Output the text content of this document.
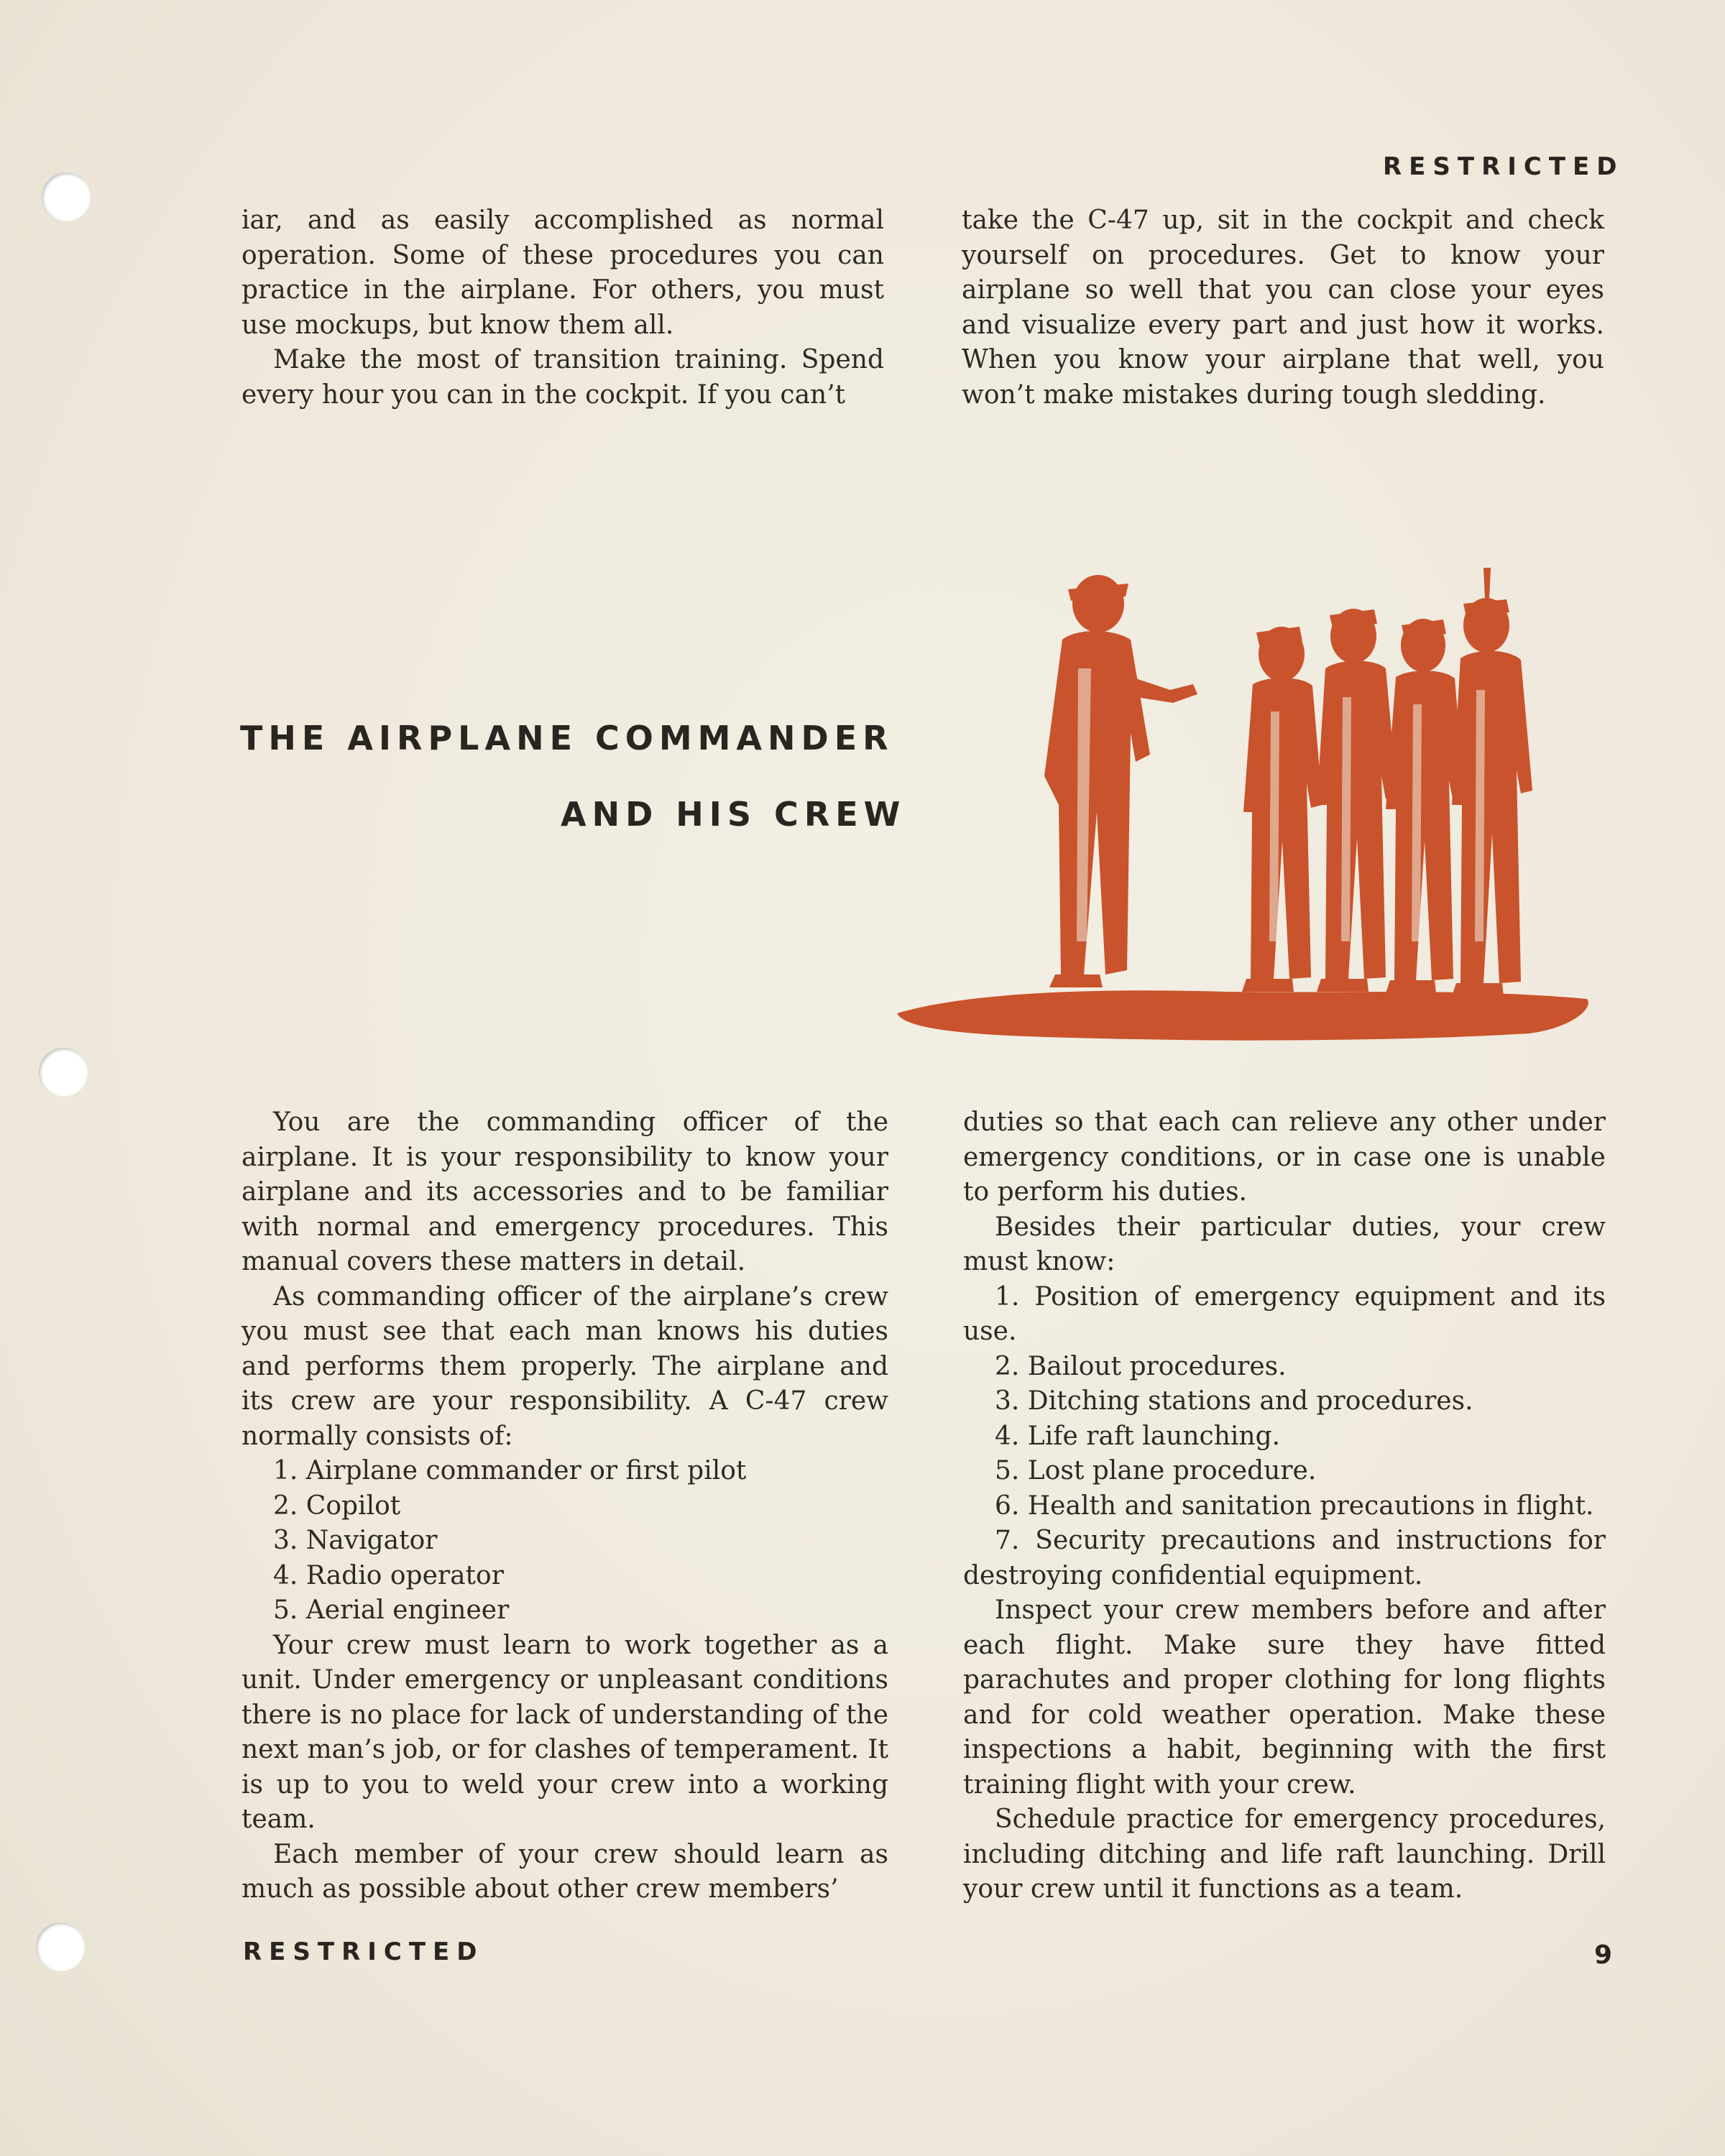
RESTRICTED

iar, and as easily accomplished as normal operation. Some of these procedures you can practice in the airplane. For others, you must use mockups, but know them all.

Make the most of transition training. Spend every hour you can in the cockpit. If you can’t

take the C-47 up, sit in the cockpit and check yourself on procedures. Get to know your airplane so well that you can close your eyes and visualize every part and just how it works. When you know your airplane that well, you won’t make mistakes during tough sledding.

THE AIRPLANE COMMANDER
AND HIS CREW

You are the commanding officer of the airplane. It is your responsibility to know your airplane and its accessories and to be familiar with normal and emergency procedures. This manual covers these matters in detail.

As commanding officer of the airplane’s crew you must see that each man knows his duties and performs them properly. The airplane and its crew are your responsibility. A C-47 crew normally consists of:

1. Airplane commander or first pilot

2. Copilot

3. Navigator

4. Radio operator

5. Aerial engineer

Your crew must learn to work together as a unit. Under emergency or unpleasant conditions there is no place for lack of understanding of the next man’s job, or for clashes of temperament. It is up to you to weld your crew into a working team.

Each member of your crew should learn as much as possible about other crew members’

duties so that each can relieve any other under emergency conditions, or in case one is unable to perform his duties.

Besides their particular duties, your crew must know:

1. Position of emergency equipment and its use.

2. Bailout procedures.

3. Ditching stations and procedures.

4. Life raft launching.

5. Lost plane procedure.

6. Health and sanitation precautions in flight.

7. Security precautions and instructions for destroying confidential equipment.

Inspect your crew members before and after each flight. Make sure they have fitted parachutes and proper clothing for long flights and for cold weather operation. Make these inspections a habit, beginning with the first training flight with your crew.

Schedule practice for emergency procedures, including ditching and life raft launching. Drill your crew until it functions as a team.

RESTRICTED	9
